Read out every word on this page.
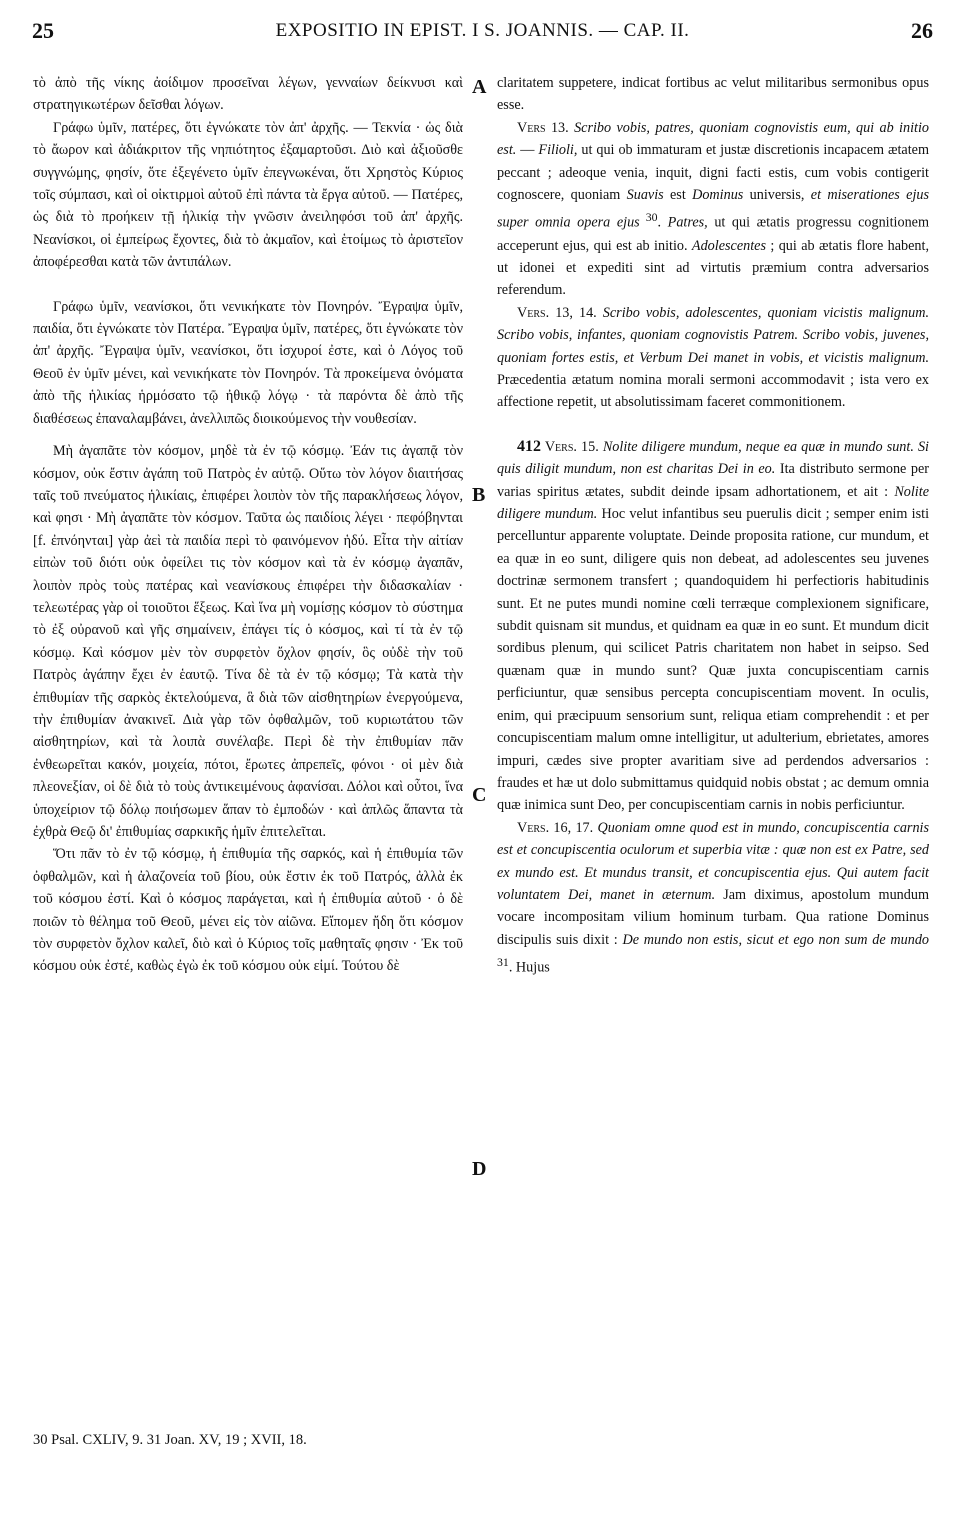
25	EXPOSITIO IN EPIST. I S. JOANNIS. — CAP. II.	26
A
B
C
D

τὸ ἀπὸ τῆς νίκης ἀοίδιμον προσεῖναι λέγων, γενναίων δείκνυσι καὶ στρατηγικωτέρων δεῖσθαι λόγων.

Γράφω ὑμῖν, πατέρες, ὅτι ἐγνώκατε τὸν ἀπ' ἀρχῆς. — Τεκνία · ὡς διὰ τὸ ἄωρον καὶ ἀδιάκριτον τῆς νηπιότητος ἐξαμαρτοῦσι. Διὸ καὶ ἀξιοῦσθε συγγνώμης, φησίν, ὅτε ἐξεγένετο ὑμῖν ἐπεγνωκέναι, ὅτι Χρηστὸς Κύριος τοῖς σύμπασι, καὶ οἱ οἰκτιρμοὶ αὐτοῦ ἐπὶ πάντα τὰ ἔργα αὐτοῦ. — Πατέρες, ὡς διὰ τὸ προήκειν τῇ ἡλικίᾳ τὴν γνῶσιν ἀνειληφόσι τοῦ ἀπ' ἀρχῆς. Νεανίσκοι, οἱ ἐμπείρως ἔχοντες, διὰ τὸ ἀκμαῖον, καὶ ἑτοίμως τὸ ἀριστεῖον ἀποφέρεσθαι κατὰ τῶν ἀντιπάλων.

Γράφω ὑμῖν, νεανίσκοι, ὅτι νενικήκατε τὸν Πονηρόν. Ἔγραψα ὑμῖν, παιδία, ὅτι ἐγνώκατε τὸν Πατέρα. Ἔγραψα ὑμῖν, πατέρες, ὅτι ἐγνώκατε τὸν ἀπ' ἀρχῆς. Ἔγραψα ὑμῖν, νεανίσκοι, ὅτι ἰσχυροί ἐστε, καὶ ὁ Λόγος τοῦ Θεοῦ ἐν ὑμῖν μένει, καὶ νενικήκατε τὸν Πονηρόν. Τὰ προκείμενα ὀνόματα ἀπὸ τῆς ἡλικίας ἡρμόσατο τῷ ἠθικῷ λόγῳ · τὰ παρόντα δὲ ἀπὸ τῆς διαθέσεως ἐπαναλαμβάνει, ἀνελλιπῶς διοικούμενος τὴν νουθεσίαν.

Μὴ ἀγαπᾶτε τὸν κόσμον, μηδὲ τὰ ἐν τῷ κόσμῳ. Ἐάν τις ἀγαπᾷ τὸν κόσμον, οὐκ ἔστιν ἀγάπη τοῦ Πατρὸς ἐν αὐτῷ. Οὕτω τὸν λόγον διαιτήσας ταῖς τοῦ πνεύματος ἡλικίαις, ἐπιφέρει λοιπὸν τὸν τῆς παρακλήσεως λόγον, καὶ φησι · Μὴ ἀγαπᾶτε τὸν κόσμον. Ταῦτα ὡς παιδίοις λέγει · πεφόβηνται [f. ἐπνόηνται] γὰρ ἀεὶ τὰ παιδία περὶ τὸ φαινόμενον ἡδύ. Εἶτα τὴν αἰτίαν εἰπὼν τοῦ διότι οὐκ ὀφείλει τις τὸν κόσμον καὶ τὰ ἐν κόσμῳ ἀγαπᾶν, λοιπὸν πρὸς τοὺς πατέρας καὶ νεανίσκους ἐπιφέρει τὴν διδασκαλίαν · τελεωτέρας γὰρ οἱ τοιοῦτοι ἕξεως. Καὶ ἵνα μὴ νομίσῃς κόσμον τὸ σύστημα τὸ ἐξ οὐρανοῦ καὶ γῆς σημαίνειν, ἐπάγει τίς ὁ κόσμος, καὶ τί τὰ ἐν τῷ κόσμῳ. Καὶ κόσμον μὲν τὸν συρφετὸν ὄχλον φησίν, ὃς οὐδὲ τὴν τοῦ Πατρὸς ἀγάπην ἔχει ἐν ἑαυτῷ. Τίνα δὲ τὰ ἐν τῷ κόσμῳ; Τὰ κατὰ τὴν ἐπιθυμίαν τῆς σαρκὸς ἐκτελούμενα, ἃ διὰ τῶν αἰσθητηρίων ἐνεργούμενα, τὴν ἐπιθυμίαν ἀνακινεῖ. Διὰ γὰρ τῶν ὀφθαλμῶν, τοῦ κυριωτάτου τῶν αἰσθητηρίων, καὶ τὰ λοιπὰ συνέλαβε. Περὶ δὲ τὴν ἐπιθυμίαν πᾶν ἐνθεωρεῖται κακόν, μοιχεία, πότοι, ἔρωτες ἀπρεπεῖς, φόνοι · οἱ μὲν διὰ πλεονεξίαν, οἱ δὲ διὰ τὸ τοὺς ἀντικειμένους ἀφανίσαι. Δόλοι καὶ οὗτοι, ἵνα ὑποχείριον τῷ δόλῳ ποιήσωμεν ἅπαν τὸ ἐμποδών · καὶ ἁπλῶς ἅπαντα τὰ ἐχθρὰ Θεῷ δι' ἐπιθυμίας σαρκικῆς ἡμῖν ἐπιτελεῖται.

Ὅτι πᾶν τὸ ἐν τῷ κόσμῳ, ἡ ἐπιθυμία τῆς σαρκός, καὶ ἡ ἐπιθυμία τῶν ὀφθαλμῶν, καὶ ἡ ἀλαζονεία τοῦ βίου, οὐκ ἔστιν ἐκ τοῦ Πατρός, ἀλλὰ ἐκ τοῦ κόσμου ἐστί. Καὶ ὁ κόσμος παράγεται, καὶ ἡ ἐπιθυμία αὐτοῦ · ὁ δὲ ποιῶν τὸ θέλημα τοῦ Θεοῦ, μένει εἰς τὸν αἰῶνα. Εἴπομεν ἤδη ὅτι κόσμον τὸν συρφετὸν ὄχλον καλεῖ, διὸ καὶ ὁ Κύριος τοῖς μαθηταῖς φησιν · Ἐκ τοῦ κόσμου οὐκ ἐστέ, καθὼς ἐγὼ ἐκ τοῦ κόσμου οὐκ εἰμί. Τούτου δὲ

claritatem suppetere, indicat fortibus ac velut militaribus sermonibus opus esse.

Vers 13. Scribo vobis, patres, quoniam cognovistis eum, qui ab initio est. — Filioli, ut qui ob immaturam et justæ discretionis incapacem ætatem peccant ; adeoque venia, inquit, digni facti estis, cum vobis contigerit cognoscere, quoniam Suavis est Dominus universis, et miserationes ejus super omnia opera ejus $^{30}$. Patres, ut qui ætatis progressu cognitionem acceperunt ejus, qui est ab initio. Adolescentes ; qui ab ætatis flore habent, ut idonei et expediti sint ad virtutis præmium contra adversarios referendum.

Vers. 13, 14. Scribo vobis, adolescentes, quoniam vicistis malignum. Scribo vobis, infantes, quoniam cognovistis Patrem. Scribo vobis, juvenes, quoniam fortes estis, et Verbum Dei manet in vobis, et vicistis malignum. Præcedentia ætatum nomina morali sermoni accommodavit ; ista vero ex affectione repetit, ut absolutissimam faceret commonitionem.

412 Vers. 15. Nolite diligere mundum, neque ea quæ in mundo sunt. Si quis diligit mundum, non est charitas Dei in eo. Ita distributo sermone per varias spiritus ætates, subdit deinde ipsam adhortationem, et ait : Nolite diligere mundum. Hoc velut infantibus seu puerulis dicit ; semper enim isti percelluntur apparente voluptate. Deinde proposita ratione, cur mundum, et ea quæ in eo sunt, diligere quis non debeat, ad adolescentes seu juvenes doctrinæ sermonem transfert ; quandoquidem hi perfectioris habitudinis sunt. Et ne putes mundi nomine cœli terræque complexionem significare, subdit quisnam sit mundus, et quidnam ea quæ in eo sunt. Et mundum dicit sordibus plenum, qui scilicet Patris charitatem non habet in seipso. Sed quænam quæ in mundo sunt? Quæ juxta concupiscentiam carnis perficiuntur, quæ sensibus percepta concupiscentiam movent. In oculis, enim, qui præcipuum sensorium sunt, reliqua etiam comprehendit : et per concupiscentiam malum omne intelligitur, ut adulterium, ebrietates, amores impuri, cædes sive propter avaritiam sive ad perdendos adversarios : fraudes et hæ ut dolo submittamus quidquid nobis obstat ; ac demum omnia quæ inimica sunt Deo, per concupiscentiam carnis in nobis perficiuntur.

Vers. 16, 17. Quoniam omne quod est in mundo, concupiscentia carnis est et concupiscentia oculorum et superbia vitæ : quæ non est ex Patre, sed ex mundo est. Et mundus transit, et concupiscentia ejus. Qui autem facit voluntatem Dei, manet in æternum. Jam diximus, apostolum mundum vocare incompositam vilium hominum turbam. Qua ratione Dominus discipulis suis dixit : De mundo non estis, sicut et ego non sum de mundo $^{31}$. Hujus

30 Psal. CXLIV, 9. 31 Joan. XV, 19 ; XVII, 18.
